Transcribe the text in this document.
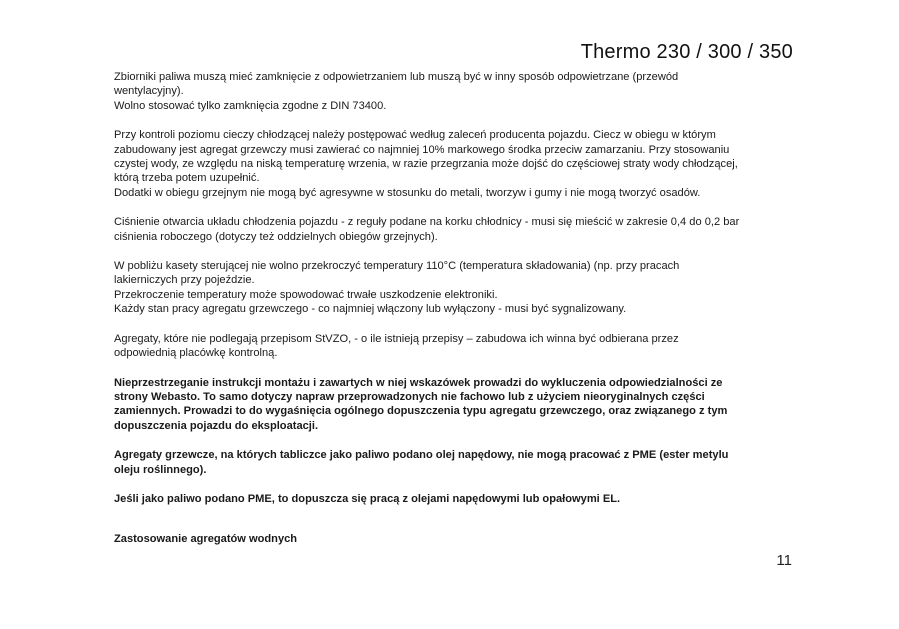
Thermo 230 / 300 / 350

Zbiorniki paliwa muszą mieć zamknięcie z odpowietrzaniem lub muszą być w inny sposób odpowietrzane (przewód
wentylacyjny).
Wolno stosować tylko zamknięcia zgodne z DIN 73400.

Przy kontroli poziomu cieczy chłodzącej należy postępować według zaleceń producenta pojazdu. Ciecz w obiegu w którym
zabudowany jest agregat grzewczy musi zawierać co najmniej 10% markowego środka przeciw zamarzaniu. Przy stosowaniu
czystej wody, ze względu na niską temperaturę wrzenia, w razie przegrzania może dojść do częściowej straty wody chłodzącej,
którą trzeba potem uzupełnić.
Dodatki w obiegu grzejnym nie mogą być agresywne w stosunku do metali, tworzyw i gumy i nie mogą tworzyć osadów.

Ciśnienie otwarcia układu chłodzenia pojazdu - z reguły podane na korku chłodnicy - musi się mieścić w zakresie 0,4 do 0,2 bar
ciśnienia roboczego (dotyczy też oddzielnych obiegów grzejnych).

W pobliżu kasety sterującej nie wolno przekroczyć temperatury 110°C (temperatura składowania) (np. przy pracach
lakierniczych przy pojeździe.
Przekroczenie temperatury może spowodować trwałe uszkodzenie elektroniki.
Każdy stan pracy agregatu grzewczego - co najmniej włączony lub wyłączony - musi być sygnalizowany.

Agregaty, które nie podlegają przepisom StVZO, - o ile istnieją przepisy – zabudowa ich winna być odbierana przez
odpowiednią placówkę kontrolną.

Nieprzestrzeganie instrukcji montażu i zawartych w niej wskazówek prowadzi do wykluczenia odpowiedzialności ze
strony Webasto. To samo dotyczy napraw przeprowadzonych nie fachowo lub z użyciem nieoryginalnych części
zamiennych. Prowadzi to do wygaśnięcia ogólnego dopuszczenia typu agregatu grzewczego, oraz związanego z tym
dopuszczenia pojazdu do eksploatacji.

Agregaty grzewcze, na których tabliczce jako paliwo podano olej napędowy, nie mogą pracować z PME (ester metylu
oleju roślinnego).

Jeśli jako paliwo podano PME, to dopuszcza się pracą z olejami napędowymi lub opałowymi EL.

Zastosowanie agregatów wodnych
11
